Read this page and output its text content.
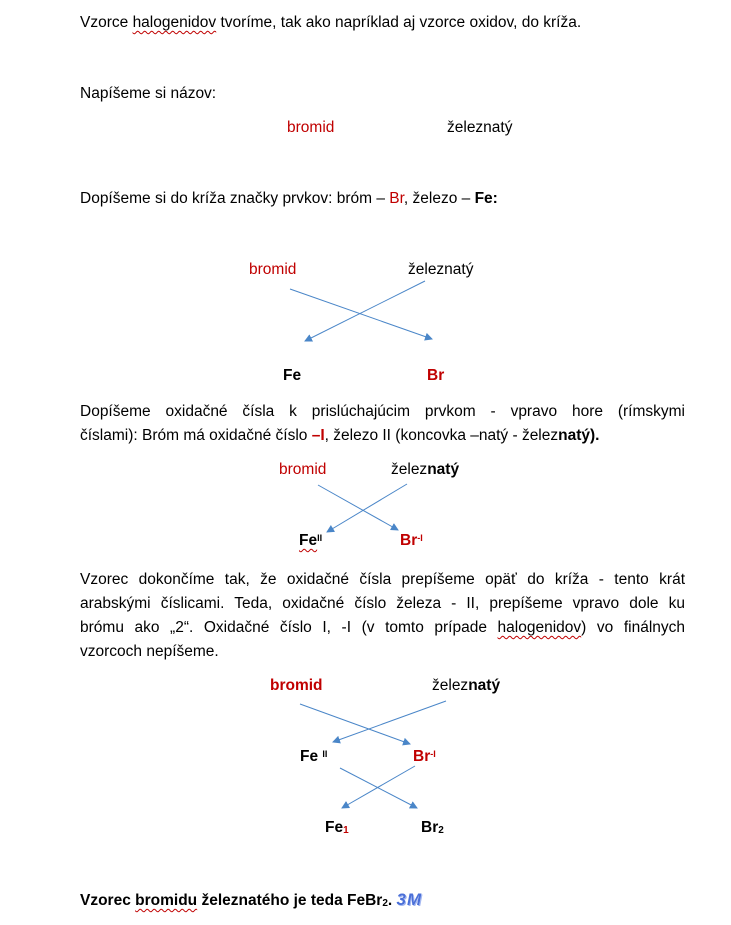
Vzorce halogenidov tvoríme, tak ako napríklad aj vzorce oxidov, do kríža.
Napíšeme si názov:
bromid	železnatý
Dopíšeme si do kríža značky prvkov: bróm – Br, železo – Fe:
bromid	železnatý
Fe	Br
Dopíšeme oxidačné čísla k prislúchajúcim prvkom - vpravo hore (rímskymi
číslami): Bróm má oxidačné číslo –I, železo II (koncovka –natý - železnatý).
bromid	železnatý
$Fe^{II}$	$Br^{-I}$
Vzorec dokončíme tak, že oxidačné čísla prepíšeme opäť do kríža - tento krát
arabskými číslicami. Teda, oxidačné číslo železa - II, prepíšeme vpravo dole ku
brómu ako „2“. Oxidačné číslo I, -I (v tomto prípade halogenidov) vo finálnych
vzorcoch nepíšeme.
bromid	železnatý
Fe $^{II}$	$Br^{-I}$
$Fe_1$	$Br_2$
Vzorec bromidu železnatého je teda FeBr$_2$. 3M
